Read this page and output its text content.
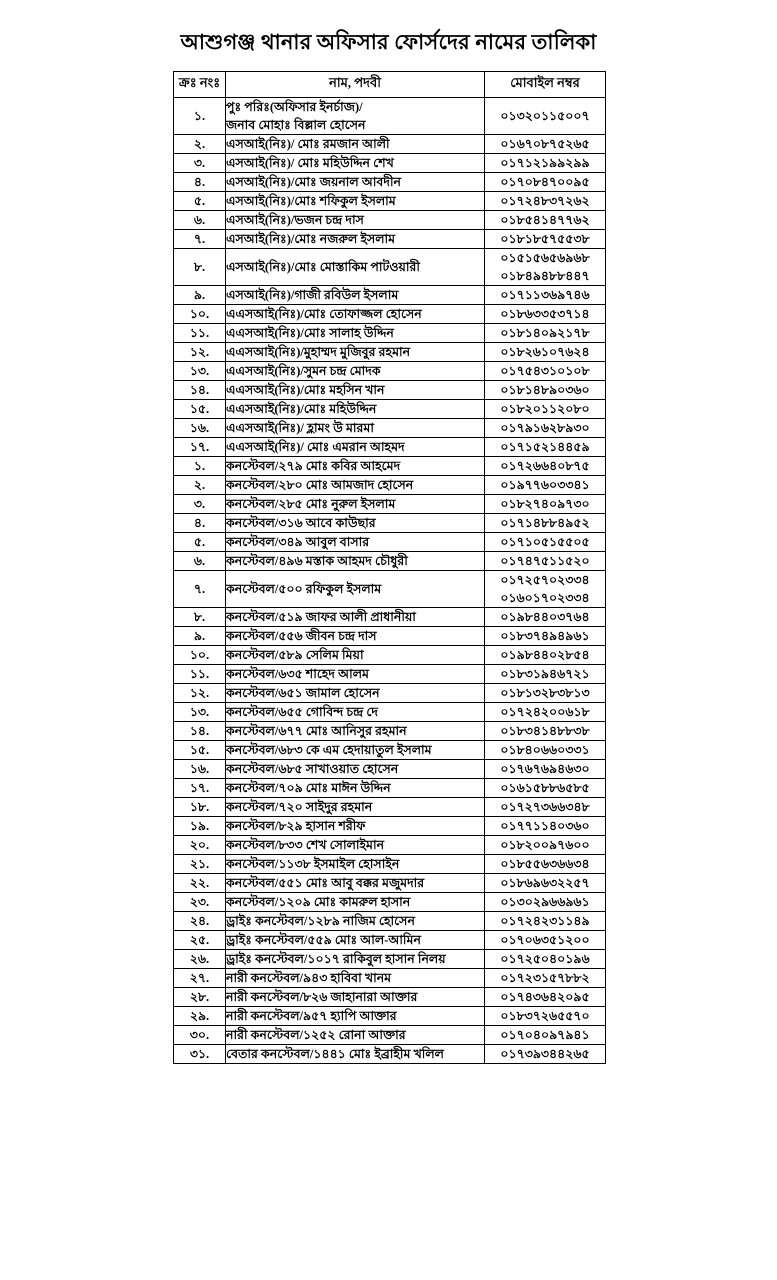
আশুগঞ্জ থানার অফিসার ফোর্সদের নামের তালিকা
ক্রঃ নংঃ	নাম, পদবী	মোবাইল নম্বর
১.	পুঃ পরিঃ(অফিসার ইনর্চাজ)/
জনাব মোহাঃ বিল্লাল হোসেন	০১৩২০১১৫০০৭

২.	এসআই(নিঃ)/ মোঃ রমজান আলী	০১৬৭০৮৭৫২৬৫

৩.	এসআই(নিঃ)/ মোঃ মহিউদ্দিন শেখ	০১৭১২১৯৯২৯৯

৪.	এসআই(নিঃ)/মোঃ জয়নাল আবদীন	০১৭০৮৪৭০০৯৫

৫.	এসআই(নিঃ)/মোঃ শফিকুল ইসলাম	০১৭২৪৮৩৭২৬২

৬.	এসআই(নিঃ)/ভজন চন্দ্র দাস	০১৮৫৪১৪৭৭৬২

৭.	এসআই(নিঃ)/মোঃ নজরুল ইসলাম	০১৮১৮৫৭৫৫৩৮

৮.	এসআই(নিঃ)/মোঃ মোস্তাকিম পাটওয়ারী	০১৫১৫৬৫৬৯৬৮
০১৮৪৯৪৮৮৪৪৭

৯.	এসআই(নিঃ)/গাজী রবিউল ইসলাম	০১৭১১৩৬৯৭৪৬

১০.	এএসআই(নিঃ)/মোঃ তোফাজ্জল হোসেন	০১৮৬৩৩৫৩৭১৪

১১.	এএসআই(নিঃ)/মোঃ সালাহ উদ্দিন	০১৮১৪০৯২১৭৮

১২.	এএসআই(নিঃ)/মুহাম্মদ মুজিবুর রহমান	০১৮২৬১০৭৬২৪

১৩.	এএসআই(নিঃ)/সুমন চন্দ্র মোদক	০১৭৫৪৩১০১০৮

১৪.	এএসআই(নিঃ)/মোঃ মহসিন খান	০১৮১৪৮৯০৩৬০

১৫.	এএসআই(নিঃ)/মোঃ মহিউদ্দিন	০১৮২০১১২০৮০

১৬.	এএসআই(নিঃ)/ হ্লামং উ মারমা	০১৭৯১৬২৮৯৩০

১৭.	এএসআই(নিঃ)/ মোঃ এমরান আহমদ	০১৭১৫২১৪৪৫৯

১.	কনস্টেবল/২৭৯ মোঃ কবির আহমেদ	০১৭২৬৬৪০৮৭৫

২.	কনস্টেবল/২৮০ মোঃ আমজাদ হোসেন	০১৯৭৭৬০৩৩৪১

৩.	কনস্টেবল/২৮৫ মোঃ নুরুল ইসলাম	০১৮২৭৪০৯৭৩০

৪.	কনস্টেবল/৩১৬ আবে কাউছার	০১৭১৪৮৮৪৯৫২

৫.	কনস্টেবল/৩৪৯ আবুল বাসার	০১৭১০৫১৫৫০৫

৬.	কনস্টেবল/৪৯৬ মস্তাক আহমদ চৌধুরী	০১৭৪৭৫১১৫২০

৭.	কনস্টেবল/৫০০ রফিকুল ইসলাম	০১৭২৫৭০২৩৩৪
০১৬০১৭০২৩৩৪

৮.	কনস্টেবল/৫১৯ জাফর আলী প্রাধানীয়া	০১৯৮৪৪০৩৭৬৪

৯.	কনস্টেবল/৫৫৬ জীবন চন্দ্র দাস	০১৮৩৭৪৯৪৯৬১

১০.	কনস্টেবল/৫৮৯ সেলিম মিয়া	০১৯৮৪৪০২৮৫৪

১১.	কনস্টেবল/৬৩৫ শাহেদ আলম	০১৮৩১৯৪৬৭২১

১২.	কনস্টেবল/৬৫১ জামাল হোসেন	০১৮১৩২৮৩৮১৩

১৩.	কনস্টেবল/৬৫৫ গোবিন্দ চন্দ্র দে	০১৭২৪২০০৬১৮

১৪.	কনস্টেবল/৬৭৭ মোঃ আনিসুর রহমান	০১৮৩৪১৪৮৮৩৮

১৫.	কনস্টেবল/৬৮৩ কে এম হেদায়াতুল ইসলাম	০১৮৪০৬৬০৩৩১

১৬.	কনস্টেবল/৬৮৫ সাখাওয়াত হোসেন	০১৭৬৭৬৯৪৬৩০

১৭.	কনস্টেবল/৭০৯ মোঃ মাঈন উদ্দিন	০১৬১৫৮৮৬৫৮৫

১৮.	কনস্টেবল/৭২০ সাইদুর রহমান	০১৭২৭৩৬৬৩৪৮

১৯.	কনস্টেবল/৮২৯ হাসান শরীফ	০১৭৭১১৪০৩৬০

২০.	কনস্টেবল/৮৩৩ শেখ সোলাইমান	০১৮২০০৯৭৬০০

২১.	কনস্টেবল/১১৩৮ ইসমাইল হোসাইন	০১৮৫৫৬৩৬৬৩৪

২২.	কনস্টেবল/৫৫১ মোঃ আবু বক্কর মজুমদার	০১৮৬৯৬৩২২৫৭

২৩.	কনস্টেবল/১২০৯ মোঃ কামরুল হাসান	০১৩০২৯৬৬৯৬১

২৪.	ড্রাইঃ কনস্টেবল/১২৮৯ নাজিম হোসেন	০১৭২৪২৩১১৪৯

২৫.	ড্রাইঃ কনস্টেবল/৫৫৯ মোঃ আল-আমিন	০১৭০৬৩৫১২০০

২৬.	ড্রাইঃ কনস্টেবল/১০১৭ রাকিবুল হাসান নিলয়	০১৭২৫০৪০১৯৬

২৭.	নারী কনস্টেবল/৯৪৩ হাবিবা খানম	০১৭২৩১৫৭৮৮২

২৮.	নারী কনস্টেবল/৮২৬ জাহানারা আক্তার	০১৭৪৩৬৪২০৯৫

২৯.	নারী কনস্টেবল/৯৫৭ হ্যাপি আক্তার	০১৮৩৭২৬৫৫৭০

৩০.	নারী কনস্টেবল/১২৫২ রোনা আক্তার	০১৭০৪০৯৭৯৪১

৩১.	বেতার কনস্টেবল/১৪৪১ মোঃ ইব্রাহীম খলিল	০১৭৩৯৩৪৪২৬৫
